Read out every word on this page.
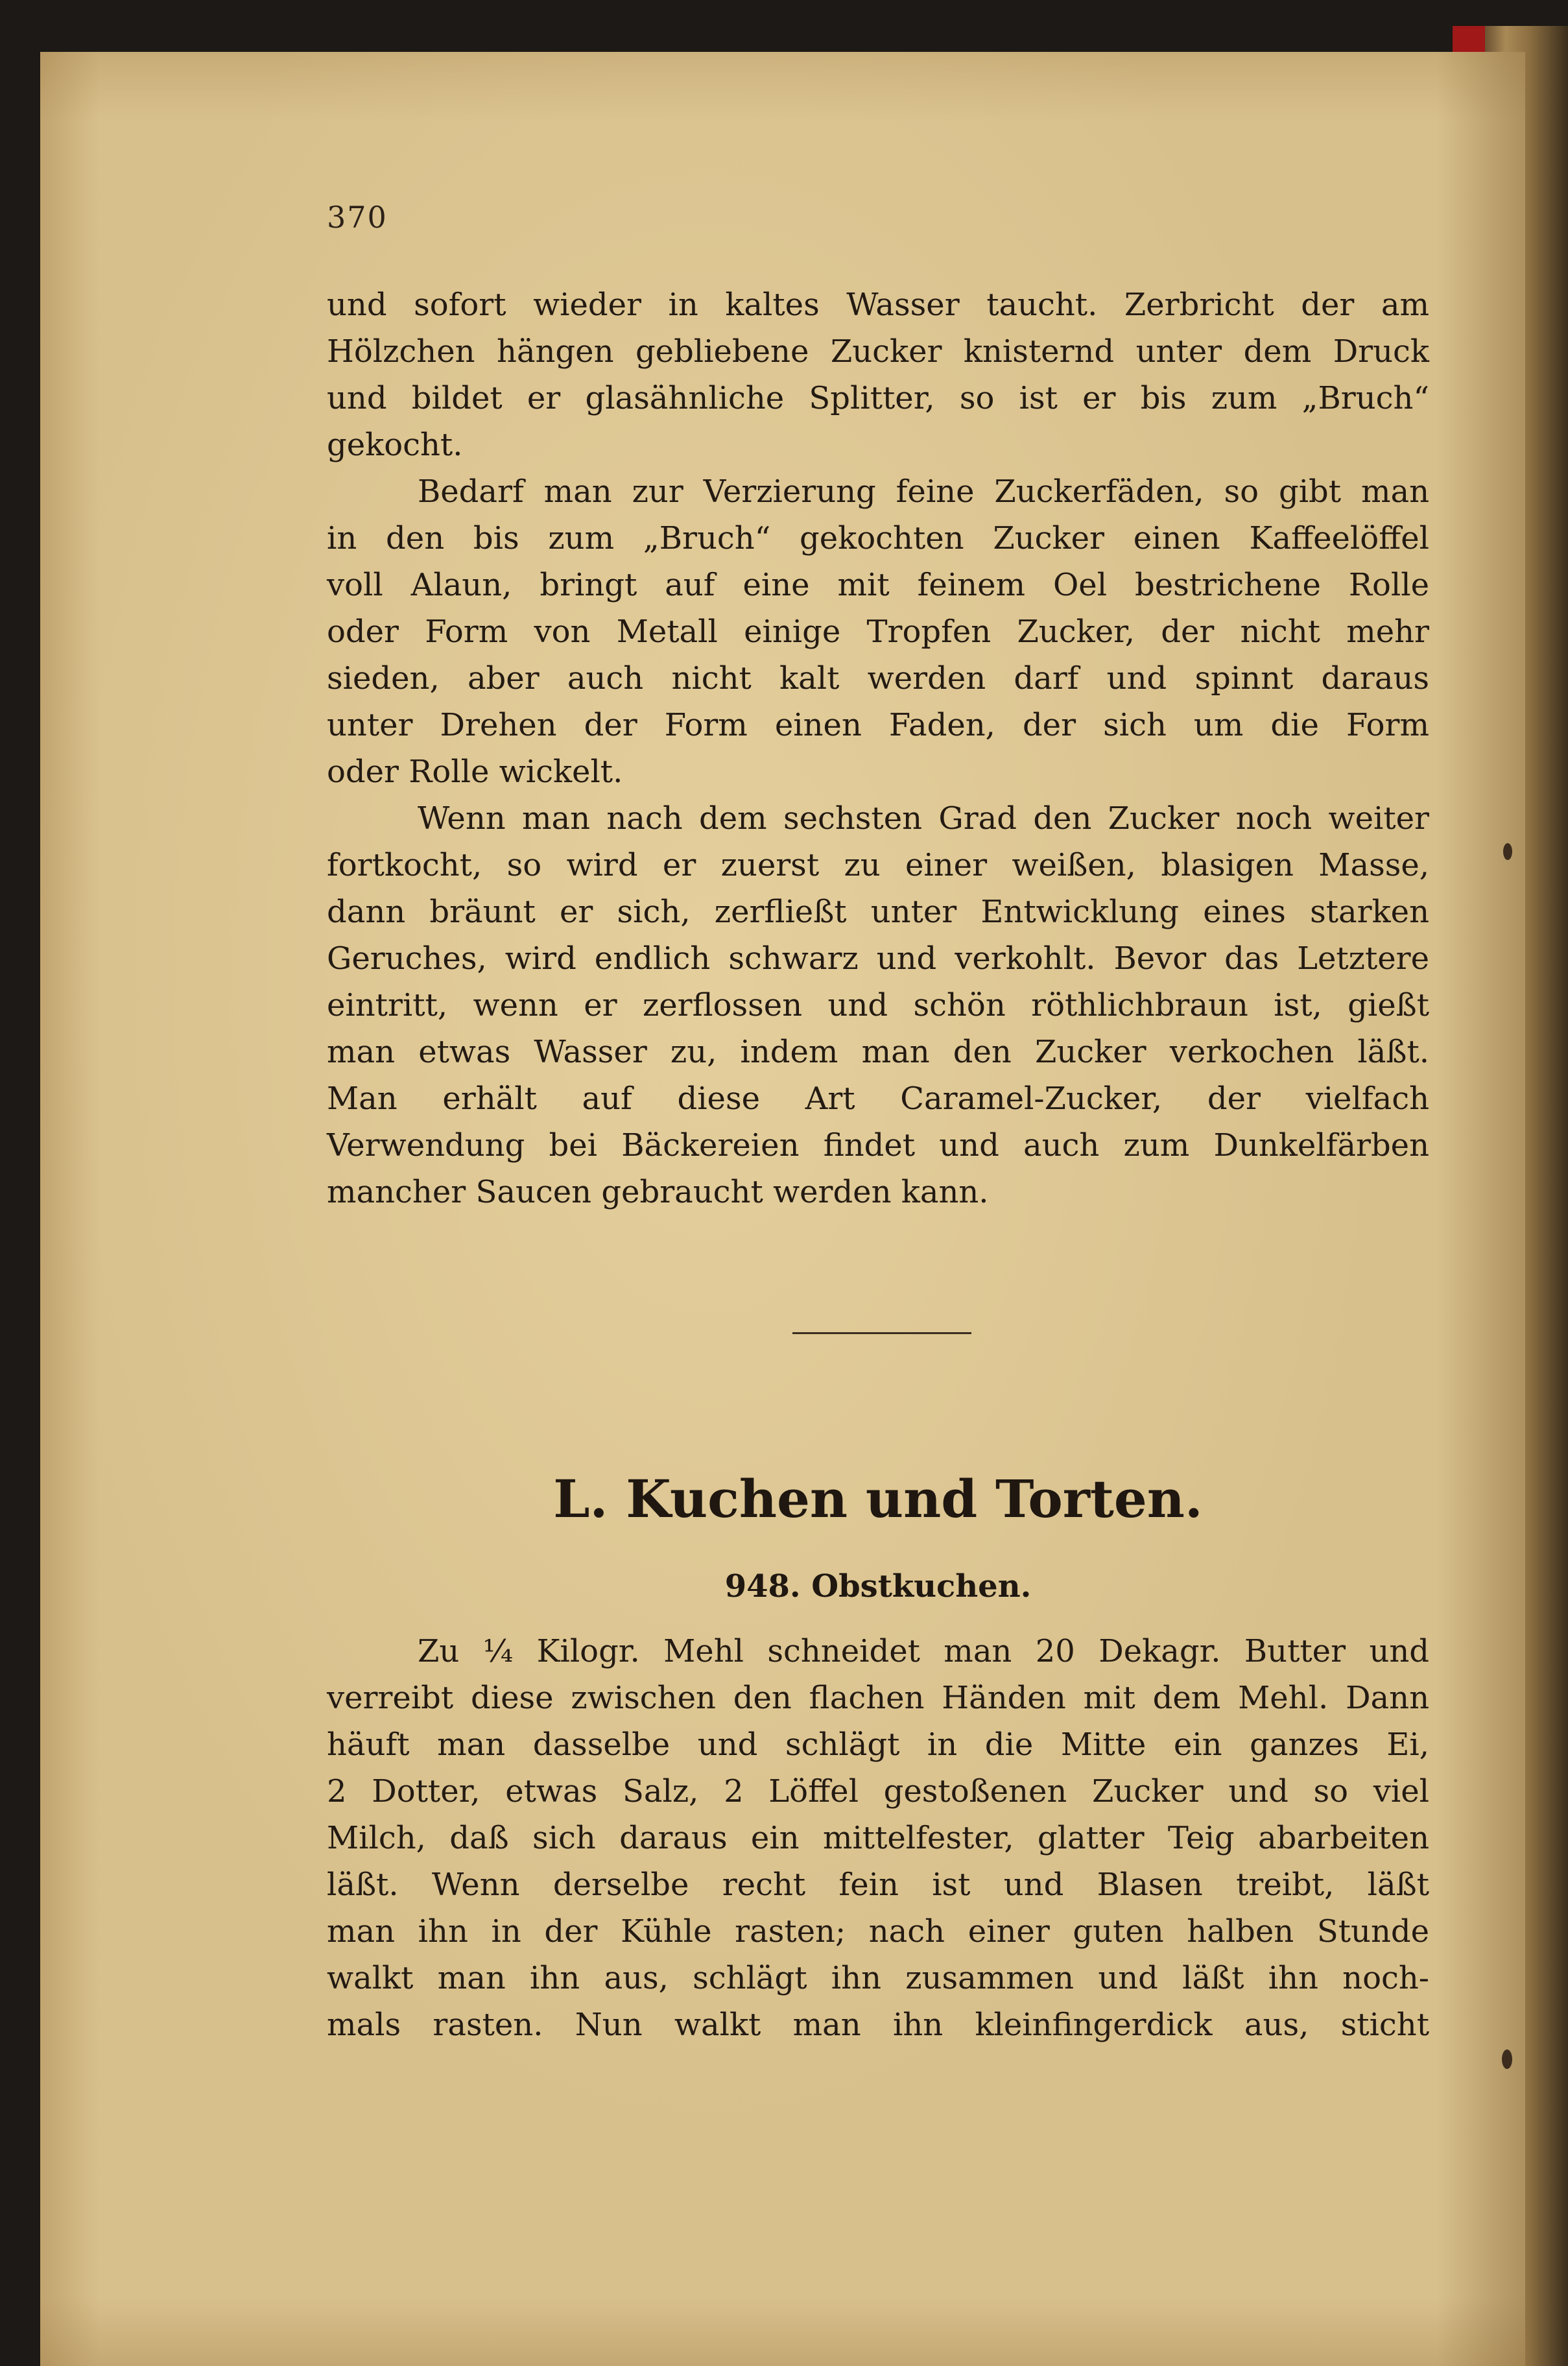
370

und sofort wieder in kaltes Wasser taucht. Zerbricht der am
Hölzchen hängen gebliebene Zucker knisternd unter dem Druck
und bildet er glasähnliche Splitter, so ist er bis zum „Bruch“
gekocht.

Bedarf man zur Verzierung feine Zuckerfäden, so gibt man
in den bis zum „Bruch“ gekochten Zucker einen Kaffeelöffel
voll Alaun, bringt auf eine mit feinem Oel bestrichene Rolle
oder Form von Metall einige Tropfen Zucker, der nicht mehr
sieden, aber auch nicht kalt werden darf und spinnt daraus
unter Drehen der Form einen Faden, der sich um die Form
oder Rolle wickelt.

Wenn man nach dem sechsten Grad den Zucker noch weiter
fortkocht, so wird er zuerst zu einer weißen, blasigen Masse,
dann bräunt er sich, zerfließt unter Entwicklung eines starken
Geruches, wird endlich schwarz und verkohlt. Bevor das Letztere
eintritt, wenn er zerflossen und schön röthlichbraun ist, gießt
man etwas Wasser zu, indem man den Zucker verkochen läßt.
Man erhält auf diese Art Caramel-Zucker, der vielfach
Verwendung bei Bäckereien findet und auch zum Dunkelfärben
mancher Saucen gebraucht werden kann.

L. Kuchen und Torten.
948. Obstkuchen.

Zu ¼ Kilogr. Mehl schneidet man 20 Dekagr. Butter und
verreibt diese zwischen den flachen Händen mit dem Mehl. Dann
häuft man dasselbe und schlägt in die Mitte ein ganzes Ei,
2 Dotter, etwas Salz, 2 Löffel gestoßenen Zucker und so viel
Milch, daß sich daraus ein mittelfester, glatter Teig abarbeiten
läßt. Wenn derselbe recht fein ist und Blasen treibt, läßt
man ihn in der Kühle rasten; nach einer guten halben Stunde
walkt man ihn aus, schlägt ihn zusammen und läßt ihn noch-
mals rasten. Nun walkt man ihn kleinfingerdick aus, sticht
